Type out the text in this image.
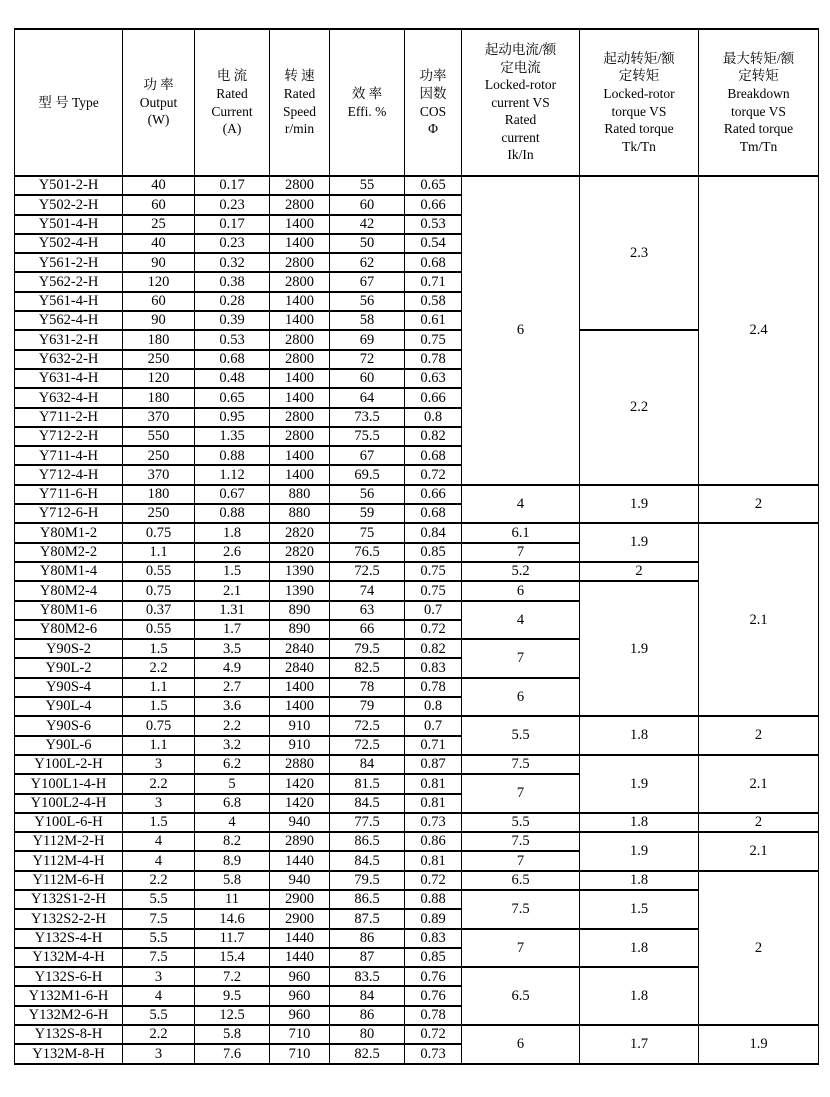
型 号 Type

功 率
Output
(W)

电 流
Rated
Current
(A)

转 速
Rated
Speed
r/min

效 率
Effi. %

功率
因数
COS
Φ

起动电流/额
定电流
Locked-rotor
current VS
Rated
current
Ik/In

起动转矩/额
定转矩
Locked-rotor
torque VS
Rated torque
Tk/Tn

最大转矩/额
定转矩
Breakdown
torque VS
Rated torque
Tm/Tn

Y501-2-H	40	0.17	2800	55	0.65	6	2.3	2.4
Y502-2-H	60	0.23	2800	60	0.66			
Y501-4-H	25	0.17	1400	42	0.53			
Y502-4-H	40	0.23	1400	50	0.54			
Y561-2-H	90	0.32	2800	62	0.68			
Y562-2-H	120	0.38	2800	67	0.71			
Y561-4-H	60	0.28	1400	56	0.58			
Y562-4-H	90	0.39	1400	58	0.61			
Y631-2-H	180	0.53	2800	69	0.75		2.2	
Y632-2-H	250	0.68	2800	72	0.78			
Y631-4-H	120	0.48	1400	60	0.63			
Y632-4-H	180	0.65	1400	64	0.66			
Y711-2-H	370	0.95	2800	73.5	0.8			
Y712-2-H	550	1.35	2800	75.5	0.82			
Y711-4-H	250	0.88	1400	67	0.68			
Y712-4-H	370	1.12	1400	69.5	0.72			
Y711-6-H	180	0.67	880	56	0.66	4	1.9	2
Y712-6-H	250	0.88	880	59	0.68			
Y80M1-2	0.75	1.8	2820	75	0.84	6.1	1.9	2.1
Y80M2-2	1.1	2.6	2820	76.5	0.85	7		
Y80M1-4	0.55	1.5	1390	72.5	0.75	5.2	2	
Y80M2-4	0.75	2.1	1390	74	0.75	6	1.9	
Y80M1-6	0.37	1.31	890	63	0.7	4		
Y80M2-6	0.55	1.7	890	66	0.72			
Y90S-2	1.5	3.5	2840	79.5	0.82	7		
Y90L-2	2.2	4.9	2840	82.5	0.83			
Y90S-4	1.1	2.7	1400	78	0.78	6		
Y90L-4	1.5	3.6	1400	79	0.8			
Y90S-6	0.75	2.2	910	72.5	0.7	5.5	1.8	2
Y90L-6	1.1	3.2	910	72.5	0.71			
Y100L-2-H	3	6.2	2880	84	0.87	7.5	1.9	2.1
Y100L1-4-H	2.2	5	1420	81.5	0.81	7		
Y100L2-4-H	3	6.8	1420	84.5	0.81			
Y100L-6-H	1.5	4	940	77.5	0.73	5.5	1.8	2
Y112M-2-H	4	8.2	2890	86.5	0.86	7.5	1.9	2.1
Y112M-4-H	4	8.9	1440	84.5	0.81	7		
Y112M-6-H	2.2	5.8	940	79.5	0.72	6.5	1.8	2
Y132S1-2-H	5.5	11	2900	86.5	0.88	7.5	1.5	
Y132S2-2-H	7.5	14.6	2900	87.5	0.89			
Y132S-4-H	5.5	11.7	1440	86	0.83	7	1.8	
Y132M-4-H	7.5	15.4	1440	87	0.85			
Y132S-6-H	3	7.2	960	83.5	0.76	6.5	1.8	
Y132M1-6-H	4	9.5	960	84	0.76			
Y132M2-6-H	5.5	12.5	960	86	0.78			
Y132S-8-H	2.2	5.8	710	80	0.72	6	1.7	1.9
Y132M-8-H	3	7.6	710	82.5	0.73			
